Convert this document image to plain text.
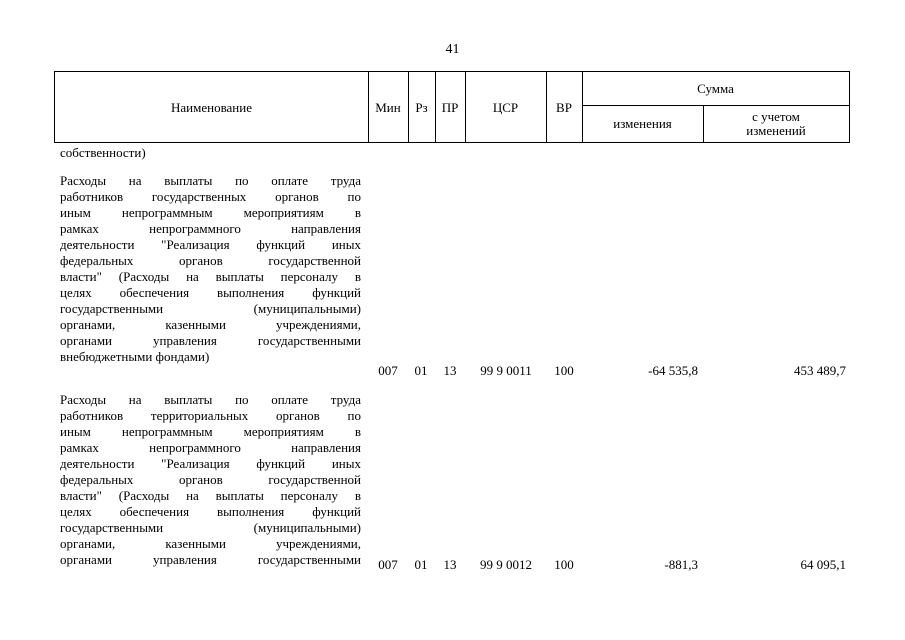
41
Наименование	Мин	Рз	ПР	ЦСР	ВР
Сумма
изменения	с учетом
изменений
собственности)
Расходы на выплаты по оплате труда
работников государственных органов по
иным непрограммным мероприятиям в
рамках непрограммного направления
деятельности "Реализация функций иных
федеральных органов государственной
власти" (Расходы на выплаты персоналу в
целях обеспечения выполнения функций
государственными (муниципальными)
органами, казенными учреждениями,
органами управления государственными
внебюджетными фондами)
007	01	13	99 9 0011	100	-64 535,8	453 489,7
Расходы на выплаты по оплате труда
работников территориальных органов по
иным непрограммным мероприятиям в
рамках непрограммного направления
деятельности "Реализация функций иных
федеральных органов государственной
власти" (Расходы на выплаты персоналу в
целях обеспечения выполнения функций
государственными (муниципальными)
органами, казенными учреждениями,
органами управления государственными	007	01	13	99 9 0012	100	-881,3	64 095,1
